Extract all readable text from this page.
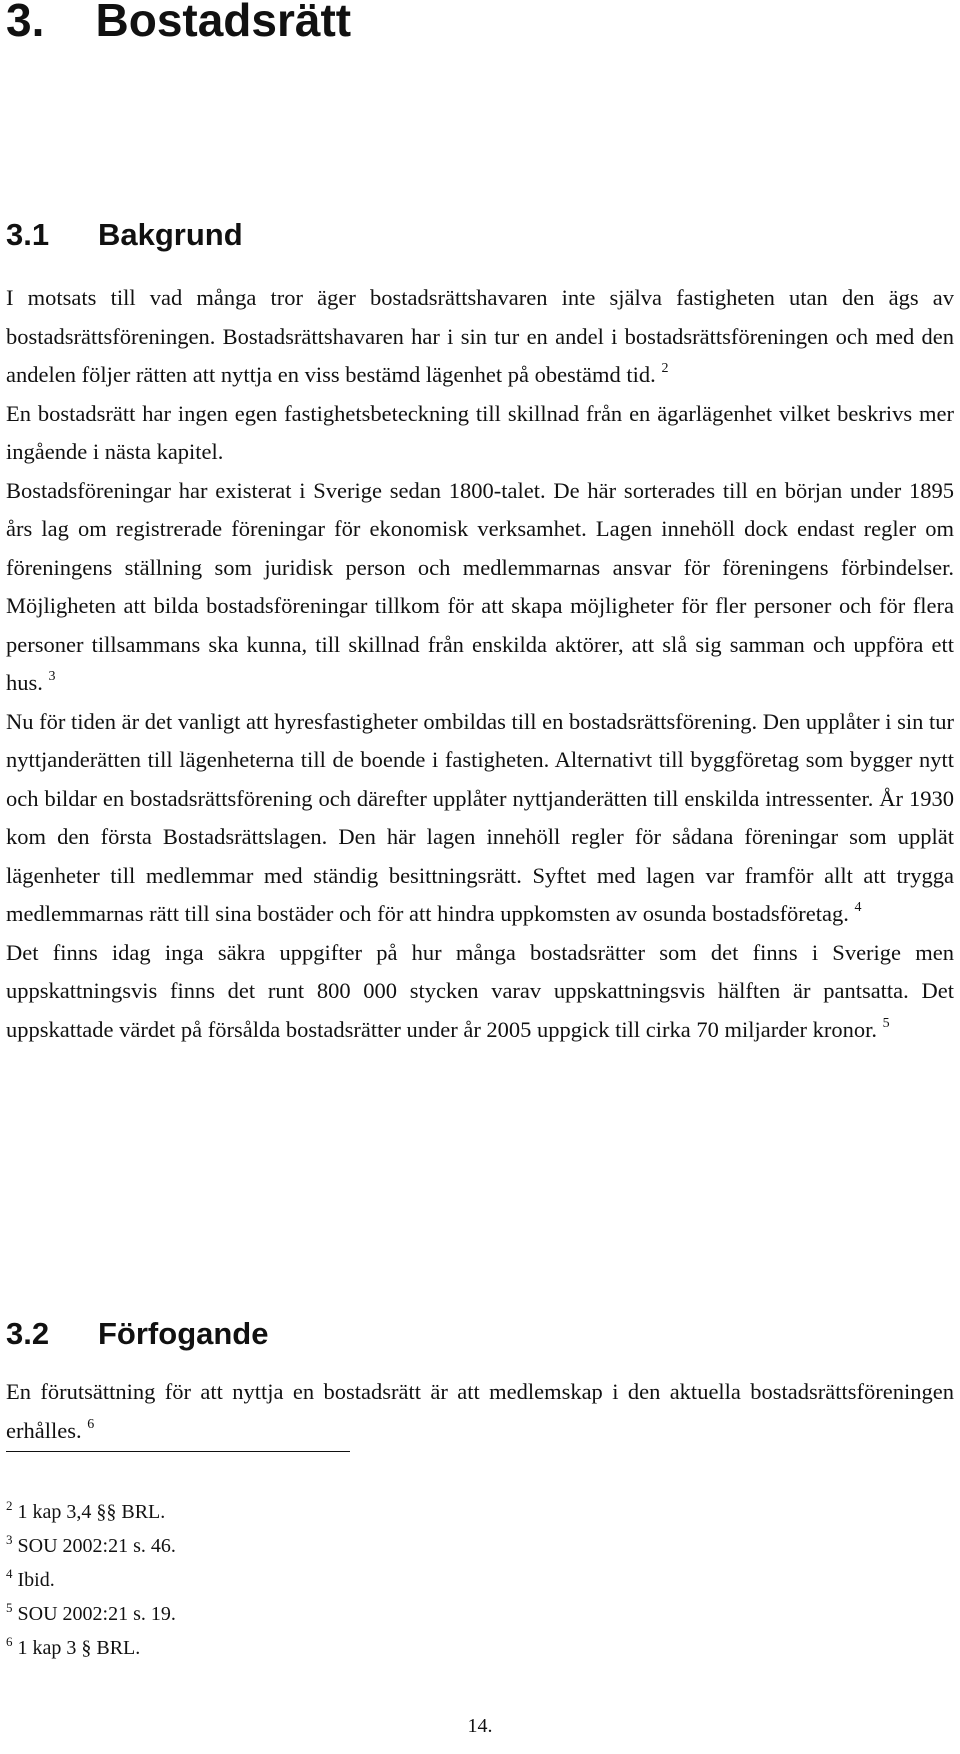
3. Bostadsrätt
3.1 Bakgrund
I motsats till vad många tror äger bostadsrättshavaren inte själva fastigheten utan den ägs av bostadsrättsföreningen. Bostadsrättshavaren har i sin tur en andel i bostadsrättsföreningen och med den andelen följer rätten att nyttja en viss bestämd lägenhet på obestämd tid. $^2$
En bostadsrätt har ingen egen fastighetsbeteckning till skillnad från en ägarlägenhet vilket beskrivs mer ingående i nästa kapitel.
Bostadsföreningar har existerat i Sverige sedan 1800-talet. De här sorterades till en början under 1895 års lag om registrerade föreningar för ekonomisk verksamhet. Lagen innehöll dock endast regler om föreningens ställning som juridisk person och medlemmarnas ansvar för föreningens förbindelser. Möjligheten att bilda bostadsföreningar tillkom för att skapa möjligheter för fler personer och för flera personer tillsammans ska kunna, till skillnad från enskilda aktörer, att slå sig samman och uppföra ett hus. $^3$
Nu för tiden är det vanligt att hyresfastigheter ombildas till en bostadsrättsförening. Den upplåter i sin tur nyttjanderätten till lägenheterna till de boende i fastigheten. Alternativt till byggföretag som bygger nytt och bildar en bostadsrättsförening och därefter upplåter nyttjanderätten till enskilda intressenter. År 1930 kom den första Bostadsrättslagen. Den här lagen innehöll regler för sådana föreningar som upplät lägenheter till medlemmar med ständig besittningsrätt. Syftet med lagen var framför allt att trygga medlemmarnas rätt till sina bostäder och för att hindra uppkomsten av osunda bostadsföretag. $^4$
Det finns idag inga säkra uppgifter på hur många bostadsrätter som det finns i Sverige men uppskattningsvis finns det runt 800 000 stycken varav uppskattningsvis hälften är pantsatta. Det uppskattade värdet på försålda bostadsrätter under år 2005 uppgick till cirka 70 miljarder kronor. $^5$
3.2 Förfogande
En förutsättning för att nyttja en bostadsrätt är att medlemskap i den aktuella bostadsrättsföreningen erhålles. $^6$
$^2$ 1 kap 3,4 §§ BRL.
$^3$ SOU 2002:21 s. 46.
$^4$ Ibid.
$^5$ SOU 2002:21 s. 19.
$^6$ 1 kap 3 § BRL.
14.
